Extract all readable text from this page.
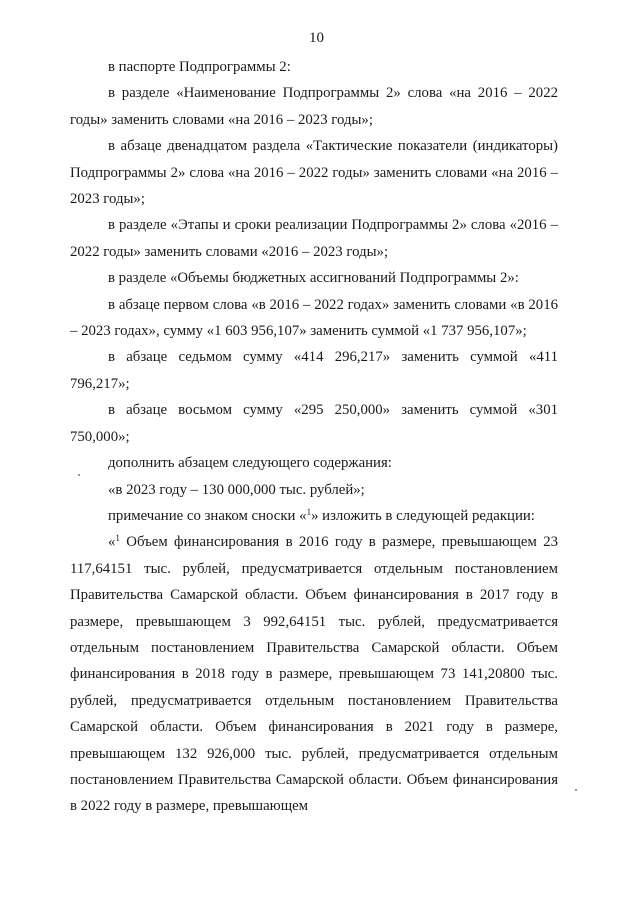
10

в паспорте Подпрограммы 2:

в разделе «Наименование Подпрограммы 2» слова «на 2016 – 2022 годы» заменить словами «на 2016 – 2023 годы»;

в абзаце двенадцатом раздела «Тактические показатели (индикаторы) Подпрограммы 2» слова «на 2016 – 2022 годы» заменить словами «на 2016 – 2023 годы»;

в разделе «Этапы и сроки реализации Подпрограммы 2» слова «2016 – 2022 годы» заменить словами «2016 – 2023 годы»;

в разделе «Объемы бюджетных ассигнований Подпрограммы 2»:

в абзаце первом слова «в 2016 – 2022 годах» заменить словами «в 2016 – 2023 годах», сумму «1 603 956,107» заменить суммой «1 737 956,107»;

в абзаце седьмом сумму «414 296,217» заменить суммой «411 796,217»;

в абзаце восьмом сумму «295 250,000» заменить суммой «301 750,000»;

дополнить абзацем следующего содержания:

«в 2023 году – 130 000,000 тыс. рублей»;

примечание со знаком сноски «$^1$» изложить в следующей редакции:

«$^1$ Объем финансирования в 2016 году в размере, превышающем 23 117,64151 тыс. рублей, предусматривается отдельным постановлением Правительства Самарской области. Объем финансирования в 2017 году в размере, превышающем 3 992,64151 тыс. рублей, предусматривается отдельным постановлением Правительства Самарской области. Объем финансирования в 2018 году в размере, превышающем 73 141,20800 тыс. рублей, предусматривается отдельным постановлением Правительства Самарской области. Объем финансирования в 2021 году в размере, превышающем 132 926,000 тыс. рублей, предусматривается отдельным постановлением Правительства Самарской области. Объем финансирования в 2022 году в размере, превышающем
